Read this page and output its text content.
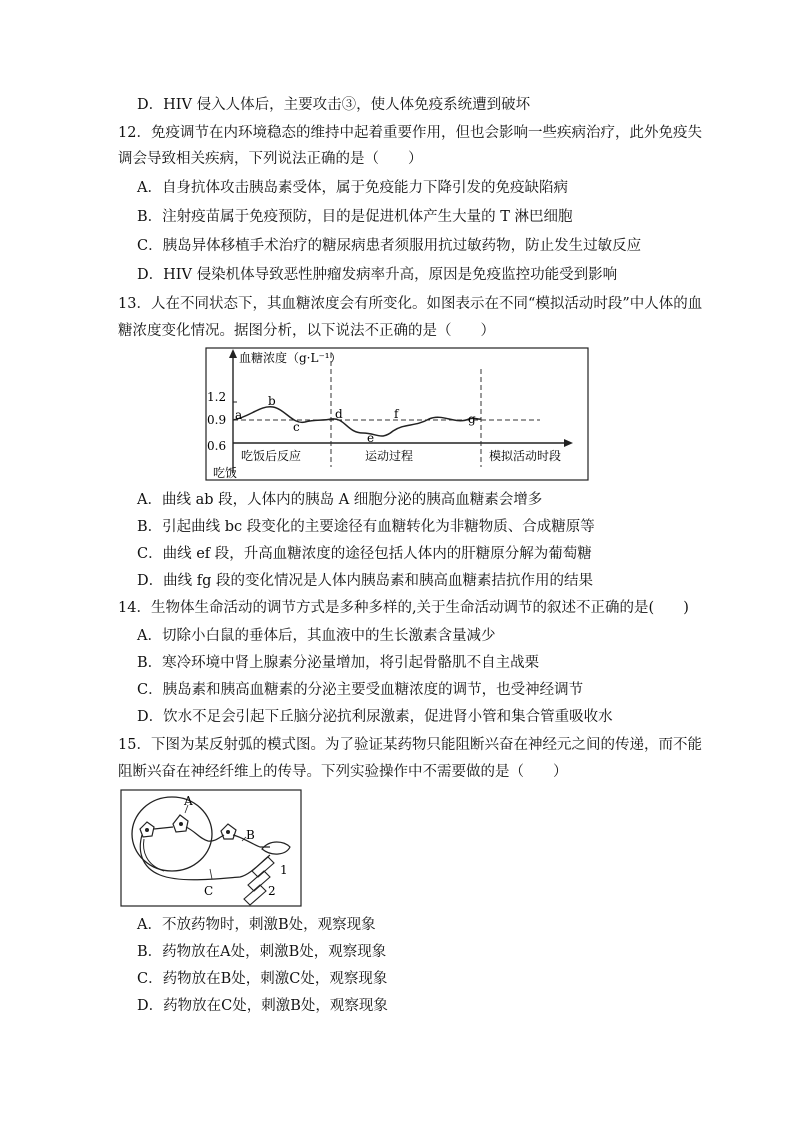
D．HIV 侵入人体后，主要攻击③，使人体免疫系统遭到破坏
12．免疫调节在内环境稳态的维持中起着重要作用，但也会影响一些疾病治疗，此外免疫失
调会导致相关疾病，下列说法正确的是（　　）
A．自身抗体攻击胰岛素受体，属于免疫能力下降引发的免疫缺陷病
B．注射疫苗属于免疫预防，目的是促进机体产生大量的 T 淋巴细胞
C．胰岛异体移植手术治疗的糖尿病患者须服用抗过敏药物，防止发生过敏反应
D．HIV 侵染机体导致恶性肿瘤发病率升高，原因是免疫监控功能受到影响
13．人在不同状态下，其血糖浓度会有所变化。如图表示在不同“模拟活动时段”中人体的血
糖浓度变化情况。据图分析，以下说法不正确的是（　　）
血糖浓度（g·L⁻¹）
1.2
0.9
0.6
a
b
c
d
e
f	g
吃饭后反应	运动过程	模拟活动时段
吃饭
A．曲线 ab 段，人体内的胰岛 A 细胞分泌的胰高血糖素会增多
B．引起曲线 bc 段变化的主要途径有血糖转化为非糖物质、合成糖原等
C．曲线 ef 段，升高血糖浓度的途径包括人体内的肝糖原分解为葡萄糖
D．曲线 fg 段的变化情况是人体内胰岛素和胰高血糖素拮抗作用的结果
14．生物体生命活动的调节方式是多种多样的,关于生命活动调节的叙述不正确的是(　　)
A．切除小白鼠的垂体后，其血液中的生长激素含量减少
B．寒冷环境中肾上腺素分泌量增加，将引起骨骼肌不自主战栗
C．胰岛素和胰高血糖素的分泌主要受血糖浓度的调节，也受神经调节
D．饮水不足会引起下丘脑分泌抗利尿激素，促进肾小管和集合管重吸收水
15．下图为某反射弧的模式图。为了验证某药物只能阻断兴奋在神经元之间的传递，而不能
阻断兴奋在神经纤维上的传导。下列实验操作中不需要做的是（　　）
A
B
C
1
2
A．不放药物时，刺激B处，观察现象
B．药物放在A处，刺激B处，观察现象
C．药物放在B处，刺激C处，观察现象
D．药物放在C处，刺激B处，观察现象
